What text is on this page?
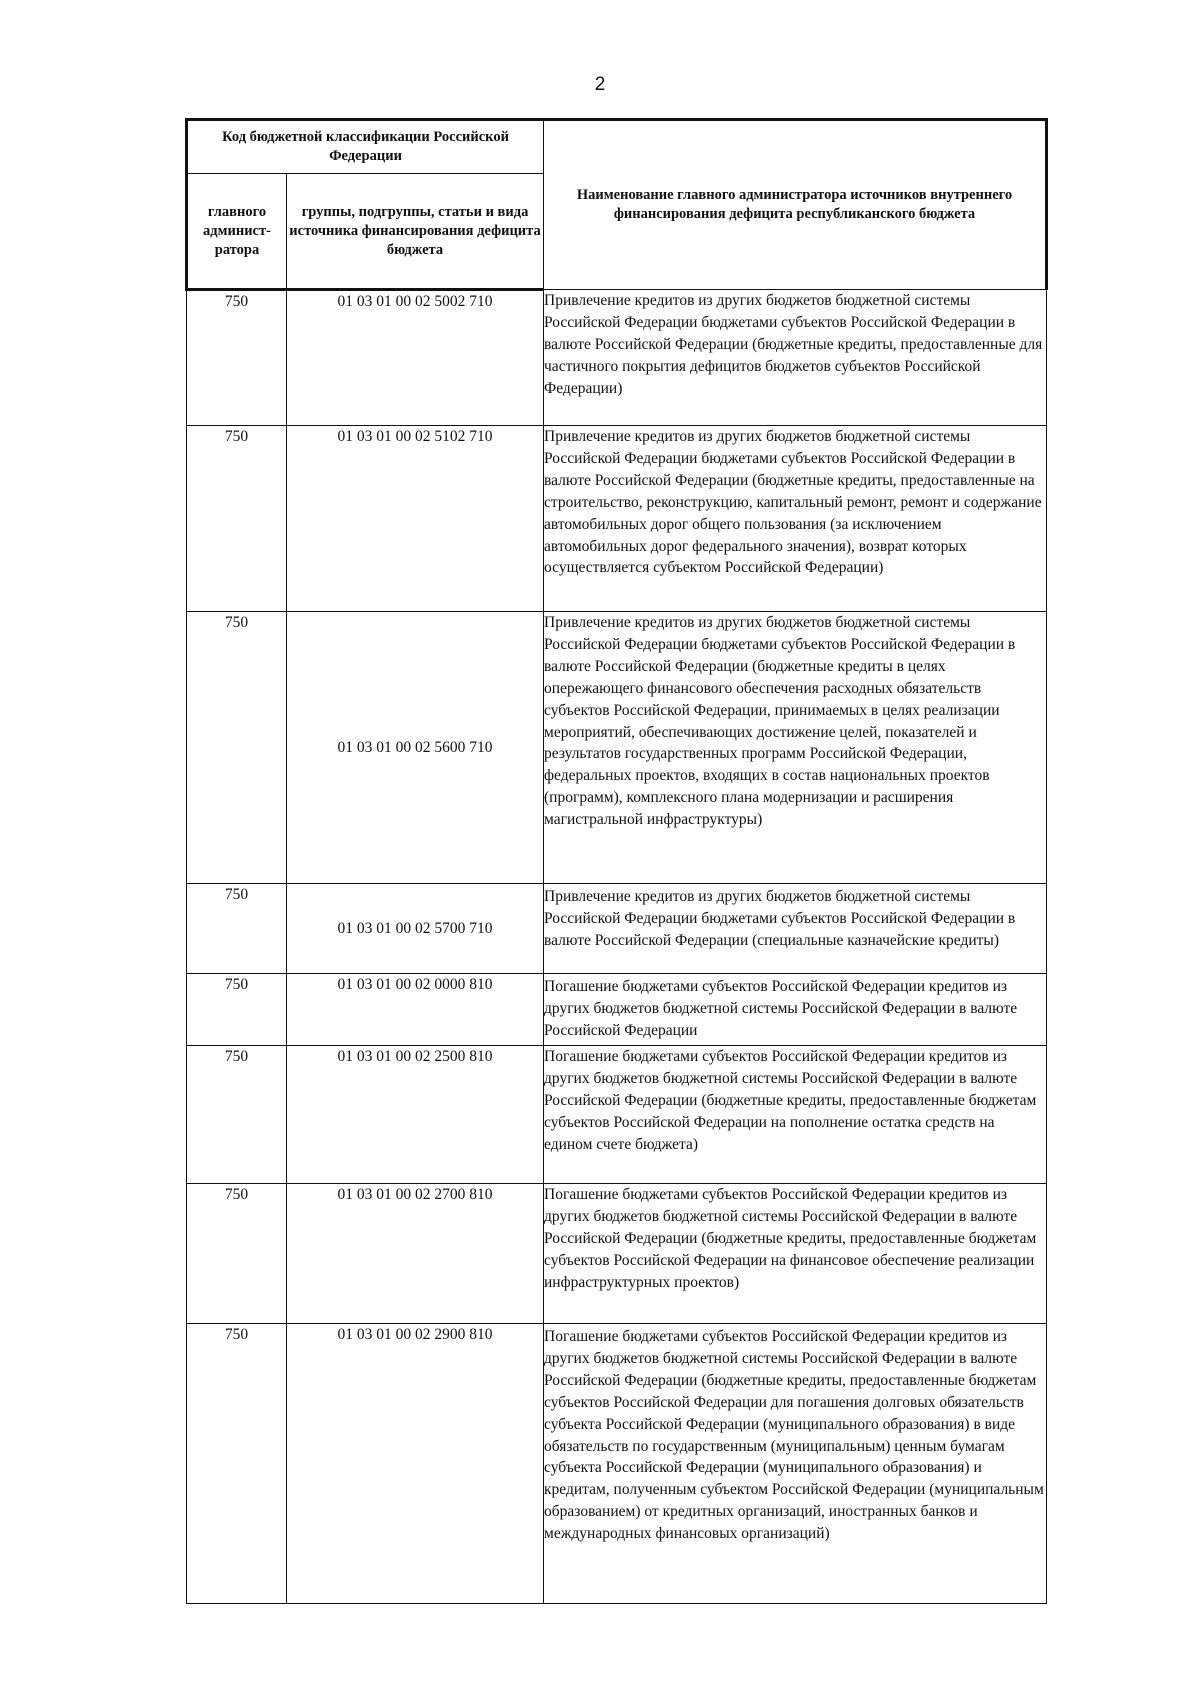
2
Код бюджетной классификации Российской Федерации		Наименование главного администратора источников внутреннего финансирования дефицита республиканского бюджета
главного админист-ратора	группы, подгруппы, статьи и вида источника финансирования дефицита бюджета	
750	01 03 01 00 02 5002 710	Привлечение кредитов из других бюджетов бюджетной системы Российской Федерации бюджетами субъектов Российской Федерации в валюте Российской Федерации (бюджетные кредиты, предоставленные для частичного покрытия дефицитов бюджетов субъектов Российской Федерации)
750	01 03 01 00 02 5102 710	Привлечение кредитов из других бюджетов бюджетной системы Российской Федерации бюджетами субъектов Российской Федерации в валюте Российской Федерации (бюджетные кредиты, предоставленные на строительство, реконструкцию, капитальный ремонт, ремонт и содержание автомобильных дорог общего пользования (за исключением автомобильных дорог федерального значения), возврат которых осуществляется субъектом Российской Федерации)
750	01 03 01 00 02 5600 710	Привлечение кредитов из других бюджетов бюджетной системы Российской Федерации бюджетами субъектов Российской Федерации в валюте Российской Федерации (бюджетные кредиты в целях опережающего финансового обеспечения расходных обязательств субъектов Российской Федерации, принимаемых в целях реализации мероприятий, обеспечивающих достижение целей, показателей и результатов государственных программ Российской Федерации, федеральных проектов, входящих в состав национальных проектов (программ), комплексного плана модернизации и расширения магистральной инфраструктуры)
750	01 03 01 00 02 5700 710	Привлечение кредитов из других бюджетов бюджетной системы Российской Федерации бюджетами субъектов Российской Федерации в валюте Российской Федерации (специальные казначейские кредиты)
750	01 03 01 00 02 0000 810	Погашение бюджетами субъектов Российской Федерации кредитов из других бюджетов бюджетной системы Российской Федерации в валюте Российской Федерации
750	01 03 01 00 02 2500 810	Погашение бюджетами субъектов Российской Федерации кредитов из других бюджетов бюджетной системы Российской Федерации в валюте Российской Федерации (бюджетные кредиты, предоставленные бюджетам субъектов Российской Федерации на пополнение остатка средств на едином счете бюджета)
750	01 03 01 00 02 2700 810	Погашение бюджетами субъектов Российской Федерации кредитов из других бюджетов бюджетной системы Российской Федерации в валюте Российской Федерации (бюджетные кредиты, предоставленные бюджетам субъектов Российской Федерации на финансовое обеспечение реализации инфраструктурных проектов)
750	01 03 01 00 02 2900 810	Погашение бюджетами субъектов Российской Федерации кредитов из других бюджетов бюджетной системы Российской Федерации в валюте Российской Федерации (бюджетные кредиты, предоставленные бюджетам субъектов Российской Федерации для погашения долговых обязательств субъекта Российской Федерации (муниципального образования) в виде обязательств по государственным (муниципальным) ценным бумагам субъекта Российской Федерации (муниципального образования) и кредитам, полученным субъектом Российской Федерации (муниципальным образованием) от кредитных организаций, иностранных банков и международных финансовых организаций)
